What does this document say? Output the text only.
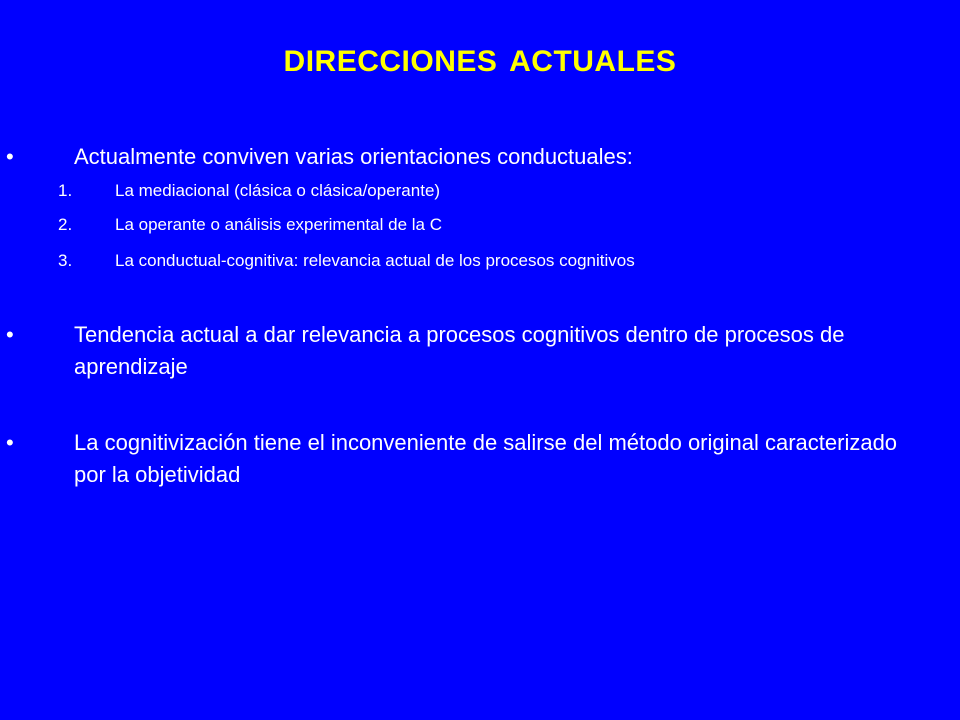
DIRECCIONES ACTUALES
•	Actualmente conviven varias orientaciones conductuales:
1.	La mediacional (clásica o clásica/operante)
2.	La operante o análisis experimental de la C
3.	La conductual-cognitiva: relevancia actual de los procesos cognitivos
•	Tendencia actual a dar relevancia a procesos cognitivos dentro de procesos de aprendizaje
•	La cognitivización tiene el inconveniente de salirse del método original caracterizado por la objetividad
